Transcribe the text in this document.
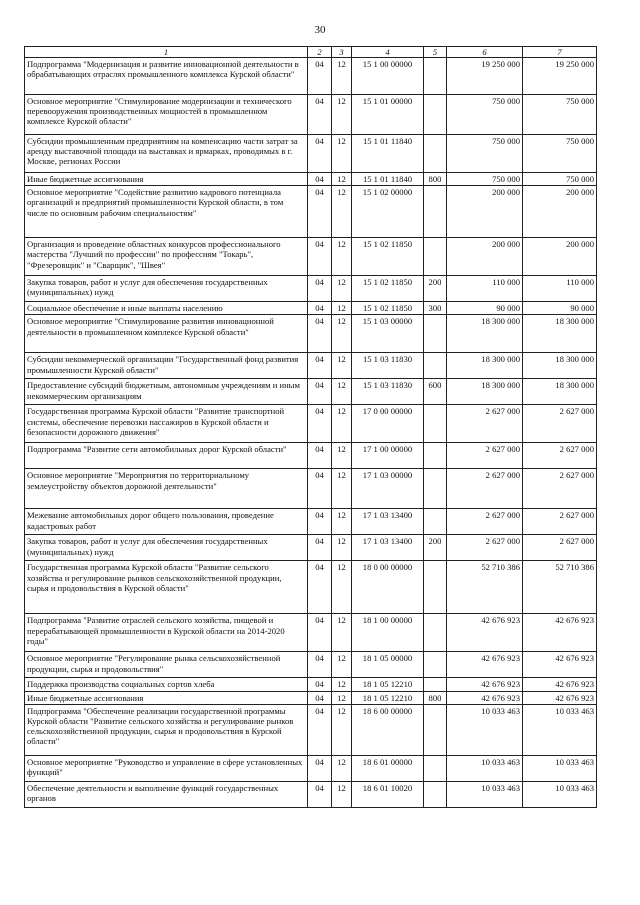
30
1	2	3	4	5	6	7
Подпрограмма "Модернизация и развитие инновационной деятельности в обрабатывающих отраслях промышленного комплекса Курской области"	04	12	15 1 00 00000		19 250 000	19 250 000
Основное мероприятие "Стимулирование модернизации и технического перевооружения производственных мощностей в промышленном комплексе Курской области"	04	12	15 1 01 00000		750 000	750 000
Субсидии промышленным предприятиям на компенсацию части затрат за аренду выставочной площади на выставках и ярмарках, проводимых в г. Москве, регионах России	04	12	15 1 01 11840		750 000	750 000
Иные бюджетные ассигнования	04	12	15 1 01 11840	800	750 000	750 000
Основное мероприятие "Содействие развитию кадрового потенциала организаций и предприятий промышленности Курской области, в том числе по основным рабочим специальностям"	04	12	15 1 02 00000		200 000	200 000
Организация и проведение областных конкурсов профессионального мастерства "Лучший по профессии" по профессиям "Токарь", "Фрезеровщик" и "Сварщик", "Швея"	04	12	15 1 02 11850		200 000	200 000
Закупка товаров, работ и услуг для обеспечения государственных (муниципальных) нужд	04	12	15 1 02 11850	200	110 000	110 000
Социальное обеспечение и иные выплаты населению	04	12	15 1 02 11850	300	90 000	90 000
Основное мероприятие "Стимулирование развития инновационной деятельности в промышленном комплексе Курской области"	04	12	15 1 03 00000		18 300 000	18 300 000
Субсидии некоммерческой организации "Государственный фонд развития промышленности Курской области"	04	12	15 1 03 11830		18 300 000	18 300 000
Предоставление субсидий бюджетным, автономным учреждениям и иным некоммерческим организациям	04	12	15 1 03 11830	600	18 300 000	18 300 000
Государственная программа Курской области "Развитие транспортной системы, обеспечение перевозки пассажиров в Курской области и безопасности дорожного движения"	04	12	17 0 00 00000		2 627 000	2 627 000
Подпрограмма "Развитие сети автомобильных дорог Курской области"	04	12	17 1 00 00000		2 627 000	2 627 000
Основное мероприятие "Мероприятия по территориальному землеустройству объектов дорожной деятельности"	04	12	17 1 03 00000		2 627 000	2 627 000
Межевание автомобильных дорог общего пользования, проведение кадастровых работ	04	12	17 1 03 13400		2 627 000	2 627 000
Закупка товаров, работ и услуг для обеспечения государственных (муниципальных) нужд	04	12	17 1 03 13400	200	2 627 000	2 627 000
Государственная программа Курской области "Развитие сельского хозяйства и регулирование рынков сельскохозяйственной продукции, сырья и продовольствия в Курской области"	04	12	18 0 00 00000		52 710 386	52 710 386
Подпрограмма "Развитие отраслей сельского хозяйства, пищевой и перерабатывающей промышленности в Курской области на 2014-2020 годы"	04	12	18 1 00 00000		42 676 923	42 676 923
Основное мероприятие "Регулирование рынка сельскохозяйственной продукции, сырья и продовольствия"	04	12	18 1 05 00000		42 676 923	42 676 923
Поддержка производства социальных сортов хлеба	04	12	18 1 05 12210		42 676 923	42 676 923
Иные бюджетные ассигнования	04	12	18 1 05 12210	800	42 676 923	42 676 923
Подпрограмма "Обеспечение реализации государственной программы Курской области "Развитие сельского хозяйства и регулирование рынков сельскохозяйственной продукции, сырья и продовольствия в Курской области"	04	12	18 6 00 00000		10 033 463	10 033 463
Основное мероприятие "Руководство и управление в сфере установленных функций"	04	12	18 6 01 00000		10 033 463	10 033 463
Обеспечение деятельности и выполнение функций государственных органов	04	12	18 6 01 10020		10 033 463	10 033 463
